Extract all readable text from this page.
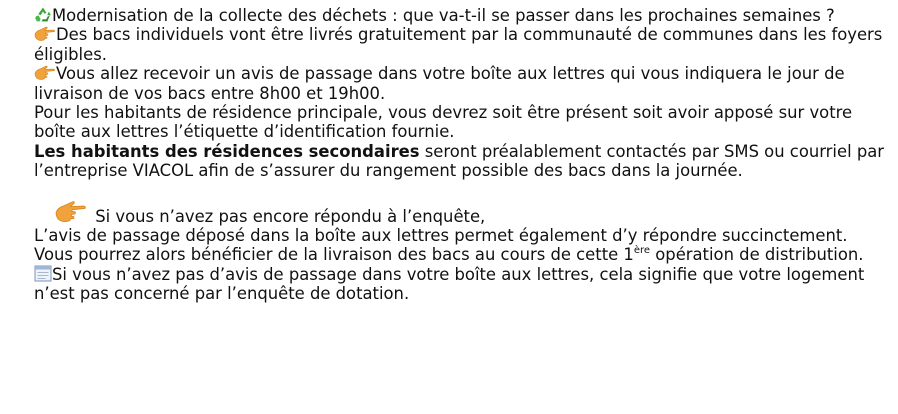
Modernisation de la collecte des déchets : que va-t-il se passer dans les prochaines semaines ?

Des bacs individuels vont être livrés gratuitement par la communauté de communes dans les foyers éligibles.

Vous allez recevoir un avis de passage dans votre boîte aux lettres qui vous indiquera le jour de livraison de vos bacs entre 8h00 et 19h00.

Pour les habitants de résidence principale, vous devrez soit être présent soit avoir apposé sur votre boîte aux lettres l’étiquette d’identification fournie.

Les habitants des résidences secondaires seront préalablement contactés par SMS ou courriel par l’entreprise VIACOL afin de s’assurer du rangement possible des bacs dans la journée.

Si vous n’avez pas encore répondu à l’enquête,

L’avis de passage déposé dans la boîte aux lettres permet également d’y répondre succinctement. Vous pourrez alors bénéficier de la livraison des bacs au cours de cette 1ère opération de distribution.

Si vous n’avez pas d’avis de passage dans votre boîte aux lettres, cela signifie que votre logement n’est pas concerné par l’enquête de dotation.
